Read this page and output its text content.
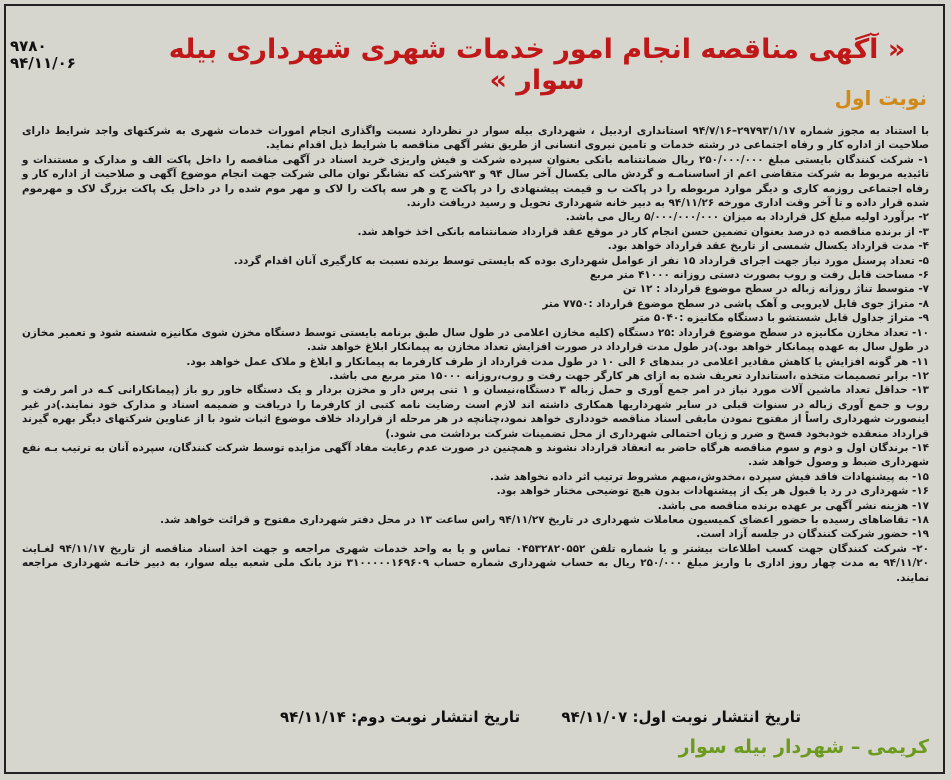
۹۷۸۰
۹۴/۱۱/۰۶	« آگهی مناقصه انجام امور خدمات شهری شهرداری بیله سوار »
نوبت اول

با استناد به مجوز شماره ۲۹۷۹۳/۱/۱۷–۹۴/۷/۱۶ استانداری اردبیل ، شهرداری بیله سوار در نظردارد نسبت واگذاری انجام امورات خدمات شهری به شرکتهای واجد شرایط دارای صلاحیت از اداره کار و رفاه اجتماعی در رشته خدمات و تامین نیروی انسانی از طریق نشر آگهی مناقصه با شرایط ذیل اقدام نماید.

۱- شرکت کنندگان بایستی مبلغ ۲۵۰/۰۰۰/۰۰۰ ریال ضمانتنامه بانکی بعنوان سپرده شرکت و فیش واریزی خرید اسناد در آگهی مناقصه را داخل پاکت الف و مدارک و مستندات و تائیدیه مربوط به شرکت متقاضی اعم از اساسنامـه و گردش مالی یکسال آخر سال ۹۴ و ۹۳شرکت که نشانگر توان مالی شرکت جهت انجام موضوع آگهی و صلاحیت از اداره کار و رفاه اجتماعی روزمه کاری و دیگر موارد مربوطه را در پاکت ب و قیمت پیشنهادی را در پاکت ج و هر سه پاکت را لاک و مهر موم شده را در داخل یک پاکت بزرگ لاک و مهرموم شده قرار داده و تا آخر وقت اداری مورخه ۹۴/۱۱/۲۶ به دبیر خانه شهرداری تحویل و رسید دریافت دارند.

۲- برآورد اولیه مبلغ کل قرارداد به میزان ۵/۰۰۰/۰۰۰/۰۰۰ ریال می باشد.

۳- از برنده مناقصه ده درصد بعنوان تضمین حسن انجام کار در موقع عقد قرارداد ضمانتنامه بانکی اخذ خواهد شد.

۴- مدت قرارداد یکسال شمسی از تاریخ عقد قرارداد خواهد بود.

۵- تعداد پرسنل مورد نیاز جهت اجرای قرارداد ۱۵ نفر از عوامل شهرداری بوده که بایستی توسط برنده نسبت به کارگیری آنان اقدام گردد.

۶- مساحت قابل رفت و روب بصورت دستی روزانه ۴۱۰۰۰ متر مربع

۷- متوسط تناژ روزانه زباله در سطح موضوع قرارداد : ۱۲ تن

۸- متراژ جوی قابل لایروبی و آهک پاشی در سطح موضوع قرارداد :۷۷۵۰ متر

۹- متراژ جداول قابل شستشو با دستگاه مکانیزه :۵۰۴۰ متر

۱۰- تعداد مخازن مکانیزه در سطح موضوع قرارداد :۲۵ دستگاه (کلیه مخازن اعلامی در طول سال طبق برنامه بایستی توسط دستگاه مخزن شوی مکانیزه شسته شود و تعمیر مخازن در طول سال به عهده پیمانکار خواهد بود.)در طول مدت قرارداد در صورت افزایش تعداد مخازن به پیمانکار ابلاغ خواهد شد.

۱۱- هر گونه افزایش یا کاهش مقادیر اعلامی در بندهای ۶ الی ۱۰ در طول مدت قرارداد از طرف کارفرما به پیمانکار و ابلاغ و ملاک عمل خواهد بود.

۱۲- برابر تصمیمات متخذه ،استاندارد تعریف شده به ازای هر کارگر جهت رفت و روب،روزانه ۱۵۰۰۰ متر مربع می باشد.

۱۳- حداقل تعداد ماشین آلات مورد نیاز در امر جمع آوری و حمل زباله ۳ دستگاه،نیسان و ۱ تنی پرس دار و مخزن بردار و یک دستگاه خاور رو باز (پیمانکارانی کـه در امر رفت و روب و جمع آوری زباله در سنوات قبلی در سایر شهرداریها همکاری داشته اند لازم است رضایت نامه کتبی از کارفرما را دریافت و ضمیمه اسناد و مدارک خود نمایند.)در غیر اینصورت شهرداری راساً از مفتوح نمودن مابقی اسناد مناقصه خودداری خواهد نمود،چنانچه در هر مرحله از قرارداد خلاف موضوع اثبات شود با از عناوین شرکتهای دیگر بهره گیرند قرارداد منعقده خودبخود فسخ و ضرر و زیان احتمالی شهرداری از محل تضمینات شرکت برداشت می شود.)

۱۴- برندگان اول و دوم و سوم مناقصه هرگاه حاضر به انعقاد قرارداد نشوند و همچنین در صورت عدم رعایت مفاد آگهی مزایده توسط شرکت کنندگان، سپرده آنان به ترتیب بـه نفع شهرداری ضبط و وصول خواهد شد.

۱۵- به پیشنهادات فاقد فیش سپرده ،مخدوش،مبهم مشروط ترتیب اثر داده نخواهد شد.

۱۶- شهرداری در رد یا قبول هر یک از پیشنهادات بدون هیچ توضیحی مختار خواهد بود.

۱۷- هزینه نشر آگهی بر عهده برنده مناقصه می باشد.

۱۸- تقاضاهای رسیده با حضور اعضای کمیسیون معاملات شهرداری در تاریخ ۹۴/۱۱/۲۷ راس ساعت ۱۳ در محل دفتر شهرداری مفتوح و قرائت خواهد شد.

۱۹- حضور شرکت کنندگان در جلسه آزاد است.

۲۰- شرکت کنندگان جهت کسب اطلاعات بیشتر و یا شماره تلفن ۰۴۵۳۲۸۲۰۵۵۲ تماس و یا به واحد خدمات شهری مراجعه و جهت اخذ اسناد مناقصه از تاریخ ۹۴/۱۱/۱۷ لغـایت ۹۴/۱۱/۲۰ به مدت چهار روز اداری با واریز مبلغ ۲۵۰/۰۰۰ ریال به حساب شهرداری شماره حساب ۳۱۰۰۰۰۰۱۶۹۶۰۹ نزد بانک ملی شعبه بیله سوار، به دبیر خانـه شهرداری مراجعه نمایند.

تاریخ انتشار نوبت اول: ۹۴/۱۱/۰۷ تاریخ انتشار نوبت دوم: ۹۴/۱۱/۱۴
کریمی – شهردار بیله سوار
